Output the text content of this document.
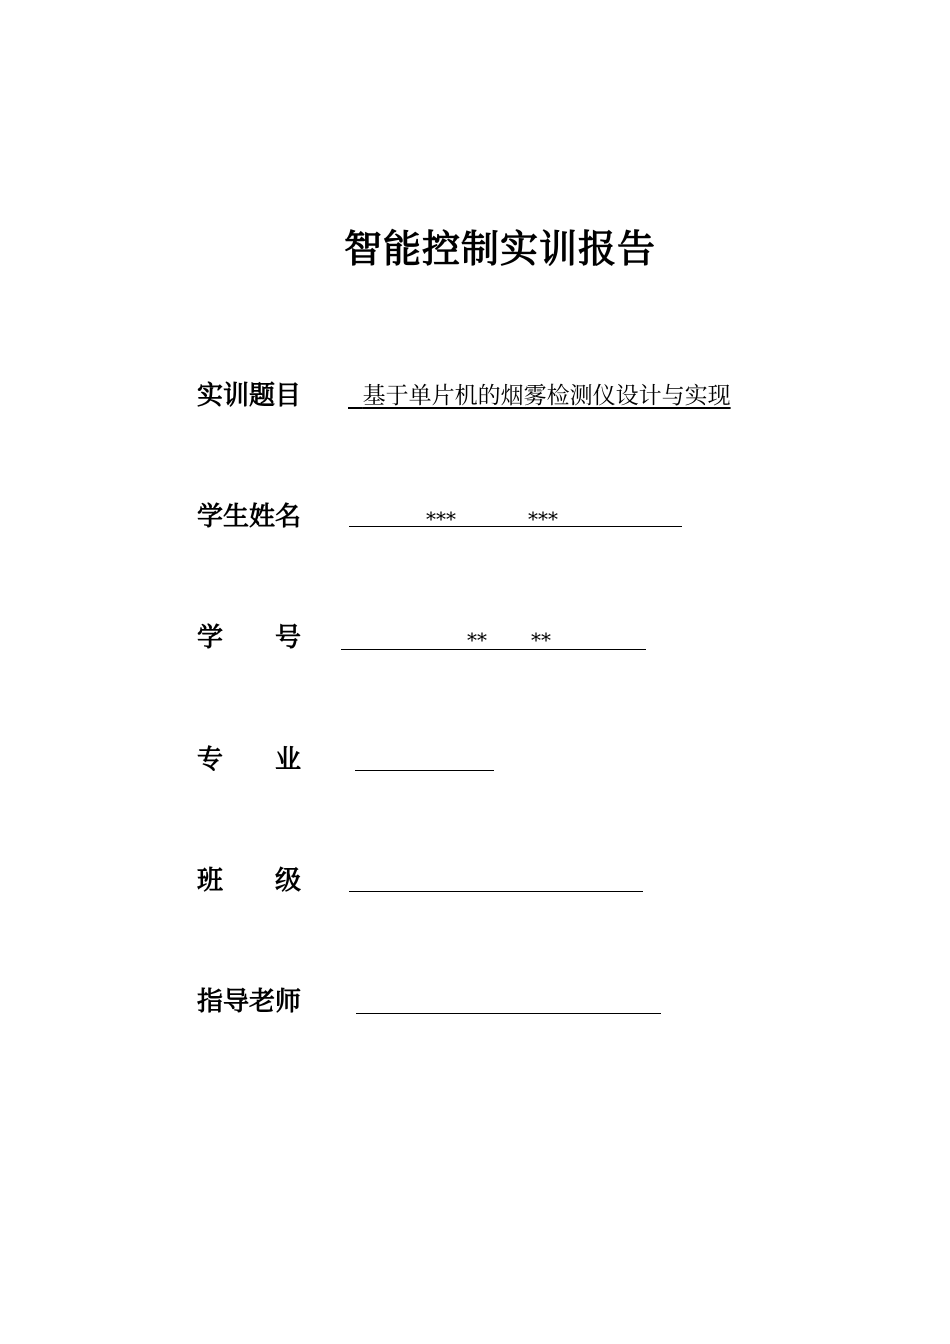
智能控制实训报告
实训题目	基于单片机的烟雾检测仪设计与实现
学生姓名	***	***
学　　号	** **
专　　业
班　　级
指导老师
